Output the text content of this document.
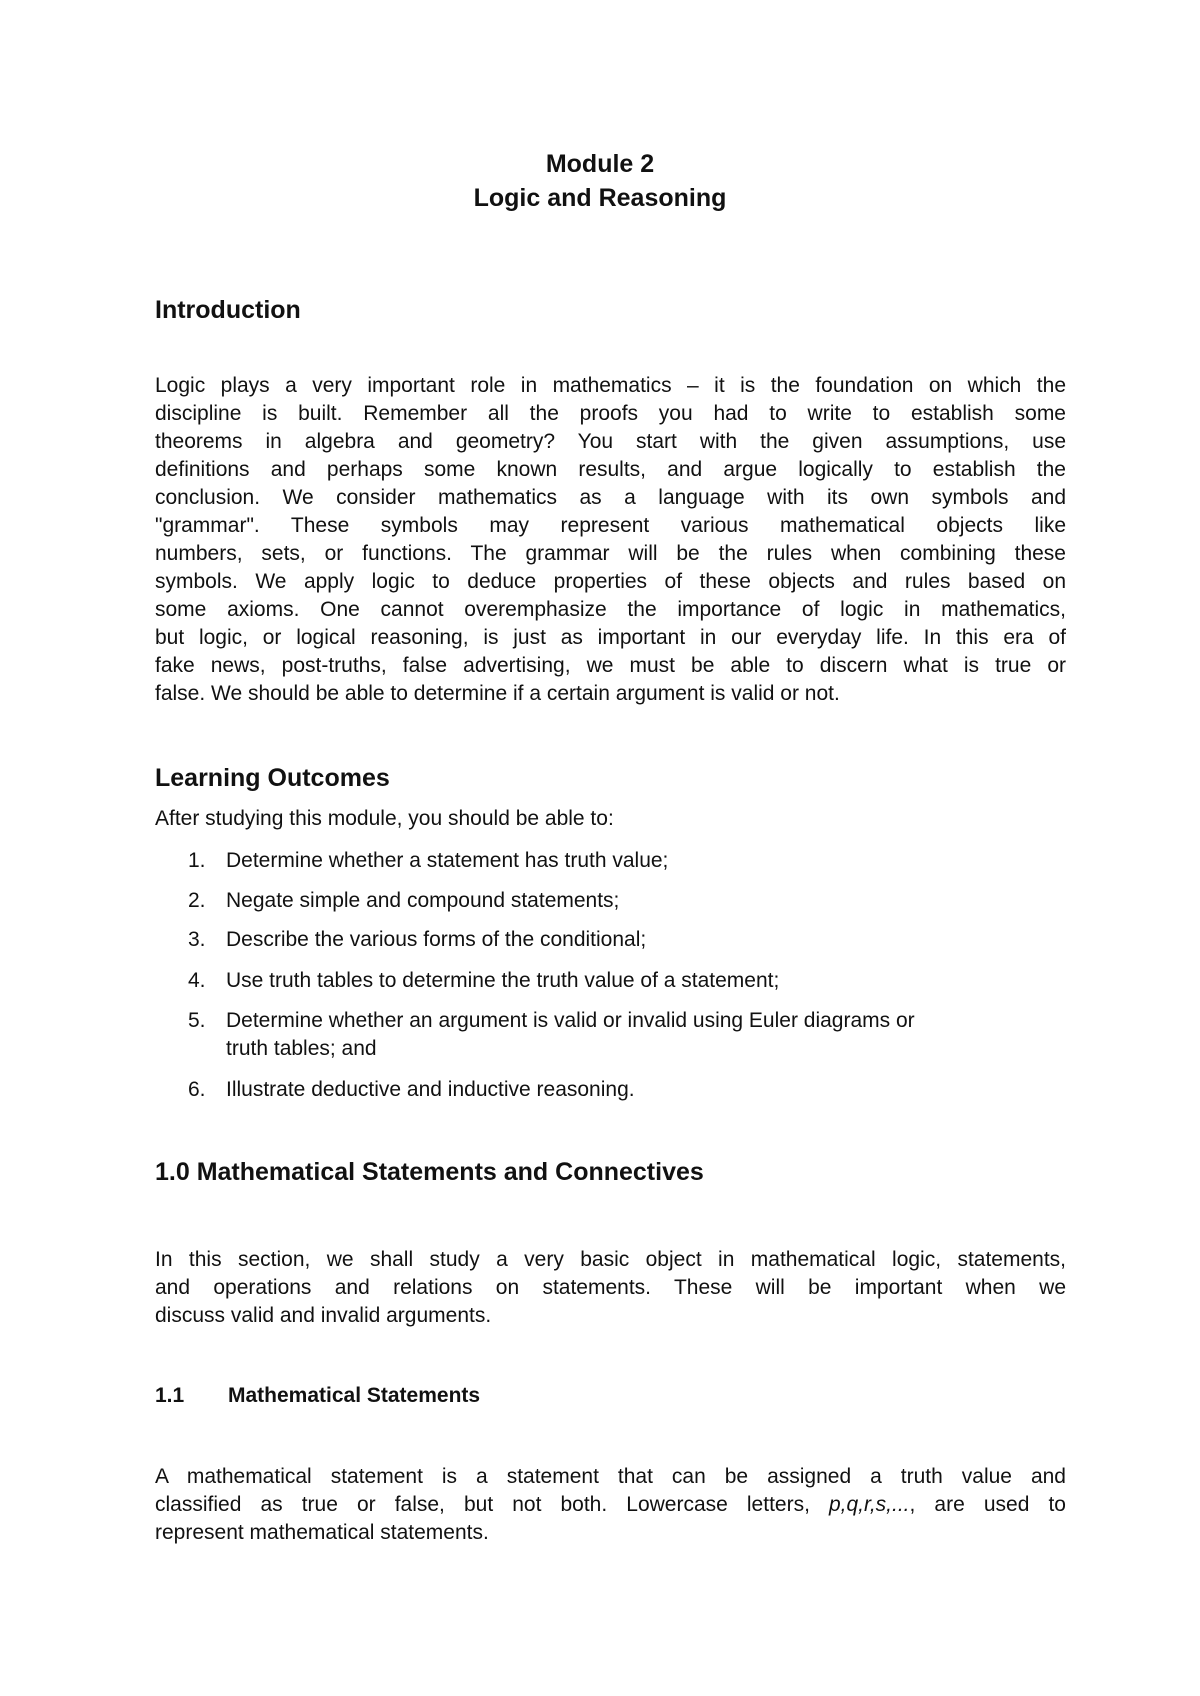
Module 2
Logic and Reasoning
Introduction
Logic plays a very important role in mathematics – it is the foundation on which the
discipline is built. Remember all the proofs you had to write to establish some
theorems in algebra and geometry? You start with the given assumptions, use
definitions and perhaps some known results, and argue logically to establish the
conclusion. We consider mathematics as a language with its own symbols and
"grammar". These symbols may represent various mathematical objects like
numbers, sets, or functions. The grammar will be the rules when combining these
symbols. We apply logic to deduce properties of these objects and rules based on
some axioms. One cannot overemphasize the importance of logic in mathematics,
but logic, or logical reasoning, is just as important in our everyday life. In this era of
fake news, post-truths, false advertising, we must be able to discern what is true or
false. We should be able to determine if a certain argument is valid or not.
Learning Outcomes
After studying this module, you should be able to:
1. Determine whether a statement has truth value;
2. Negate simple and compound statements;
3. Describe the various forms of the conditional;
4. Use truth tables to determine the truth value of a statement;
5. Determine whether an argument is valid or invalid using Euler diagrams or
truth tables; and
6. Illustrate deductive and inductive reasoning.
1.0 Mathematical Statements and Connectives
In this section, we shall study a very basic object in mathematical logic, statements,
and operations and relations on statements. These will be important when we
discuss valid and invalid arguments.
1.1 Mathematical Statements
A mathematical statement is a statement that can be assigned a truth value and
classified as true or false, but not both. Lowercase letters, p,q,r,s,..., are used to
represent mathematical statements.
